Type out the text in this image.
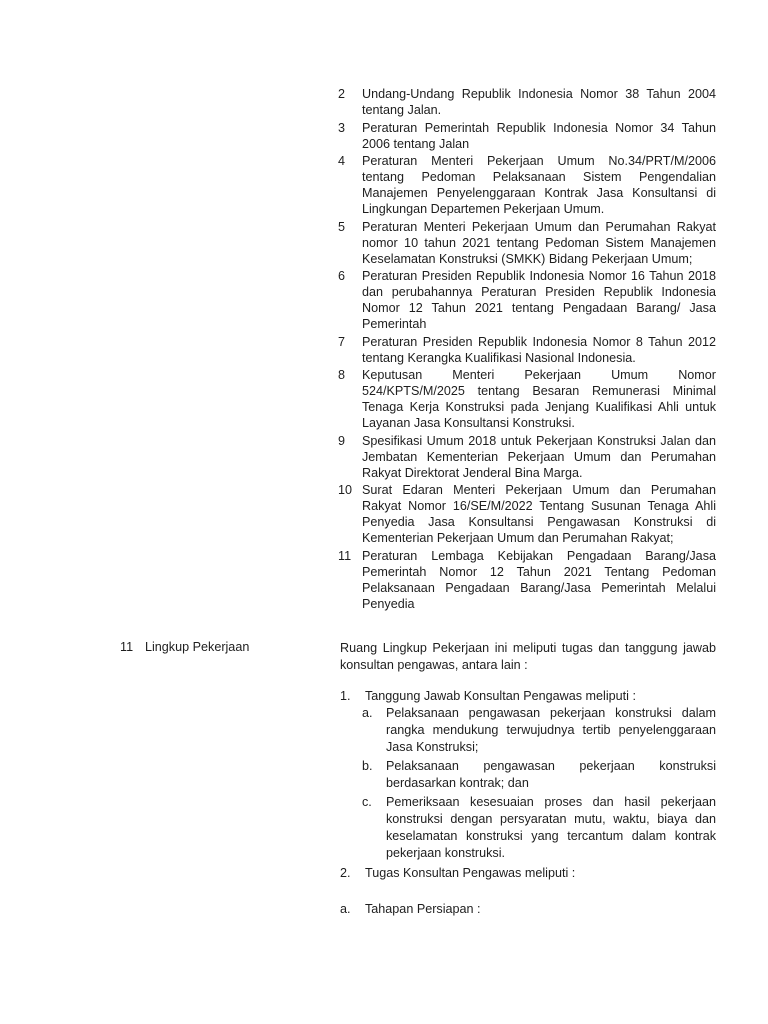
2	Undang-Undang Republik Indonesia Nomor 38 Tahun 2004 tentang Jalan.
3	Peraturan Pemerintah Republik Indonesia Nomor 34 Tahun 2006 tentang Jalan
4	Peraturan Menteri Pekerjaan Umum No.34/PRT/M/2006 tentang Pedoman Pelaksanaan Sistem Pengendalian Manajemen Penyelenggaraan Kontrak Jasa Konsultansi di Lingkungan Departemen Pekerjaan Umum.
5	Peraturan Menteri Pekerjaan Umum dan Perumahan Rakyat nomor 10 tahun 2021 tentang Pedoman Sistem Manajemen Keselamatan Konstruksi (SMKK) Bidang Pekerjaan Umum;
6	Peraturan Presiden Republik Indonesia Nomor 16 Tahun 2018 dan perubahannya Peraturan Presiden Republik Indonesia Nomor 12 Tahun 2021 tentang Pengadaan Barang/ Jasa Pemerintah
7	Peraturan Presiden Republik Indonesia Nomor 8 Tahun 2012 tentang Kerangka Kualifikasi Nasional Indonesia.
8	Keputusan Menteri Pekerjaan Umum Nomor 524/KPTS/M/2025 tentang Besaran Remunerasi Minimal Tenaga Kerja Konstruksi pada Jenjang Kualifikasi Ahli untuk Layanan Jasa Konsultansi Konstruksi.
9	Spesifikasi Umum 2018 untuk Pekerjaan Konstruksi Jalan dan Jembatan Kementerian Pekerjaan Umum dan Perumahan Rakyat Direktorat Jenderal Bina Marga.
10 Surat Edaran Menteri Pekerjaan Umum dan Perumahan Rakyat Nomor 16/SE/M/2022 Tentang Susunan Tenaga Ahli Penyedia Jasa Konsultansi Pengawasan Konstruksi di Kementerian Pekerjaan Umum dan Perumahan Rakyat;
11 Peraturan Lembaga Kebijakan Pengadaan Barang/Jasa Pemerintah Nomor 12 Tahun 2021 Tentang Pedoman Pelaksanaan Pengadaan Barang/Jasa Pemerintah Melalui Penyedia
11 Lingkup Pekerjaan	Ruang Lingkup Pekerjaan ini meliputi tugas dan tanggung jawab konsultan pengawas, antara lain :
1.	Tanggung Jawab Konsultan Pengawas meliputi :
a.	Pelaksanaan pengawasan pekerjaan konstruksi dalam rangka mendukung terwujudnya tertib penyelenggaraan Jasa Konstruksi;
b.	Pelaksanaan pengawasan pekerjaan konstruksi berdasarkan kontrak; dan
c.	Pemeriksaan kesesuaian proses dan hasil pekerjaan konstruksi dengan persyaratan mutu, waktu, biaya dan keselamatan konstruksi yang tercantum dalam kontrak pekerjaan konstruksi.
2.	Tugas Konsultan Pengawas meliputi :
a.	Tahapan Persiapan :
